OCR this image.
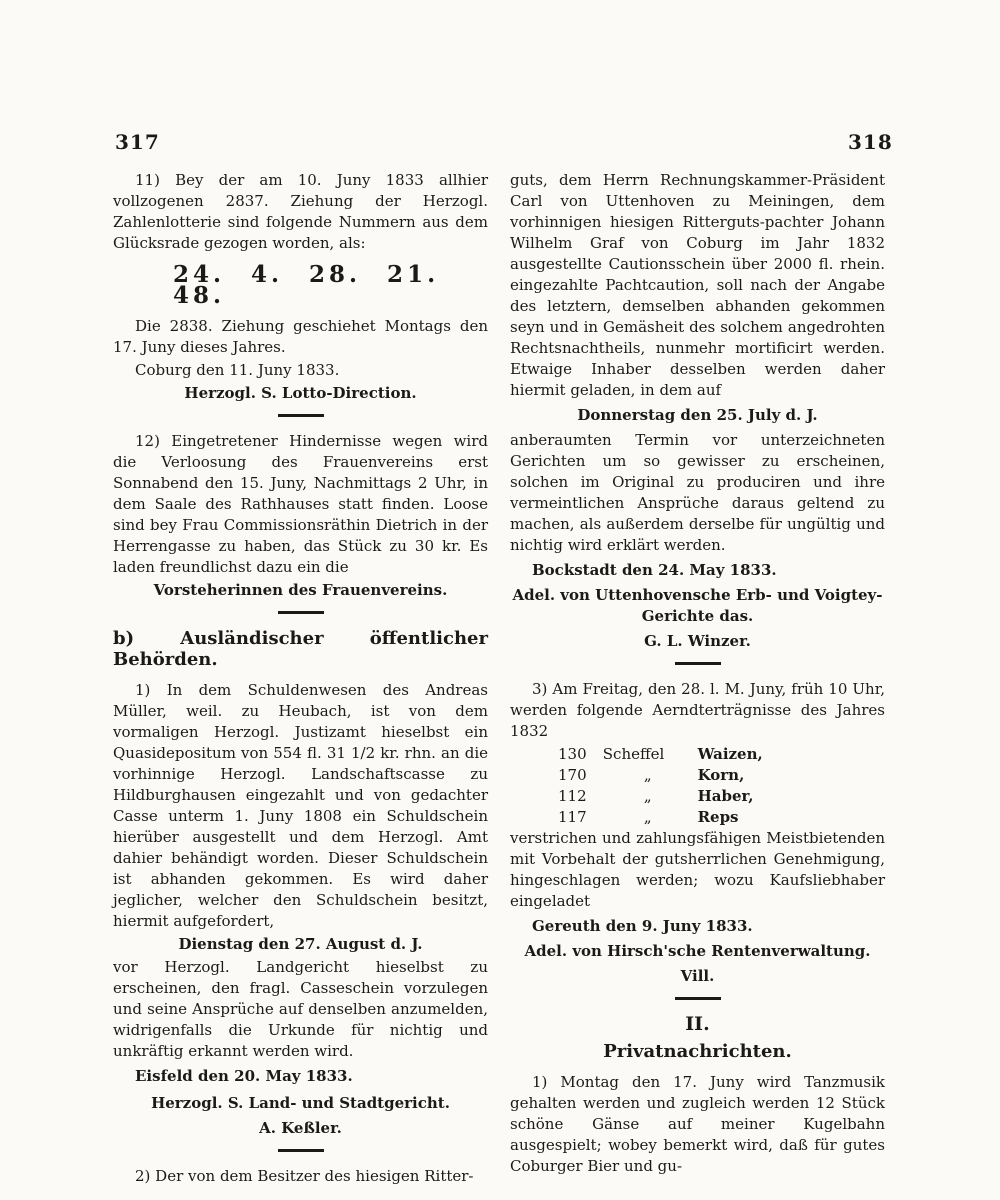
317	318

11) Bey der am 10. Juny 1833 allhier vollzogenen 2837. Ziehung der Herzogl. Zahlenlotterie sind folgende Nummern aus dem Glücksrade gezogen worden, als:

24. 4. 28. 21. 48.

Die 2838. Ziehung geschiehet Montags den 17. Juny dieses Jahres.

Coburg den 11. Juny 1833.

Herzogl. S. Lotto-Direction.

12) Eingetretener Hindernisse wegen wird die Verloosung des Frauenvereins erst Sonnabend den 15. Juny, Nachmittags 2 Uhr, in dem Saale des Rathhauses statt finden. Loose sind bey Frau Commissionsräthin Dietrich in der Herrengasse zu haben, das Stück zu 30 kr. Es laden freundlichst dazu ein die

Vorsteherinnen des Frauenvereins.
b) Ausländischer öffentlicher Behörden.

1) In dem Schuldenwesen des Andreas Müller, weil. zu Heubach, ist von dem vormaligen Herzogl. Justizamt hieselbst ein Quasidepositum von 554 fl. 31 1/2 kr. rhn. an die vorhinnige Herzogl. Landschaftscasse zu Hildburghausen eingezahlt und von gedachter Casse unterm 1. Juny 1808 ein Schuldschein hierüber ausgestellt und dem Herzogl. Amt dahier behändigt worden. Dieser Schuldschein ist abhanden gekommen. Es wird daher jeglicher, welcher den Schuldschein besitzt, hiermit aufgefordert,

Dienstag den 27. August d. J.

vor Herzogl. Landgericht hieselbst zu erscheinen, den fragl. Casseschein vorzulegen und seine Ansprüche auf denselben anzumelden, widrigenfalls die Urkunde für nichtig und unkräftig erkannt werden wird.

Eisfeld den 20. May 1833.

Herzogl. S. Land- und Stadtgericht.
A. Keßler.

2) Der von dem Besitzer des hiesigen Ritter-

guts, dem Herrn Rechnungskammer-Präsident Carl von Uttenhoven zu Meiningen, dem vorhinnigen hiesigen Ritterguts-pachter Johann Wilhelm Graf von Coburg im Jahr 1832 ausgestellte Cautionsschein über 2000 fl. rhein. eingezahlte Pachtcaution, soll nach der Angabe des letztern, demselben abhanden gekommen seyn und in Gemäsheit des solchem angedrohten Rechtsnachtheils, nunmehr mortificirt werden. Etwaige Inhaber desselben werden daher hiermit geladen, in dem auf

Donnerstag den 25. July d. J.

anberaumten Termin vor unterzeichneten Gerichten um so gewisser zu erscheinen, solchen im Original zu produciren und ihre vermeintlichen Ansprüche daraus geltend zu machen, als außerdem derselbe für ungültig und nichtig wird erklärt werden.

Bockstadt den 24. May 1833.

Adel. von Uttenhovensche Erb- und Voigtey-Gerichte das.
G. L. Winzer.

3) Am Freitag, den 28. l. M. Juny, früh 10 Uhr, werden folgende Aerndterträgnisse des Jahres 1832

130 Scheffel Waizen,
170	„	Korn,
112	„	Haber,
117	„	Reps

verstrichen und zahlungsfähigen Meistbietenden mit Vorbehalt der gutsherrlichen Genehmigung, hingeschlagen werden; wozu Kaufsliebhaber eingeladet

Gereuth den 9. Juny 1833.

Adel. von Hirsch'sche Rentenverwaltung.
Vill.
II.
Privatnachrichten.

1) Montag den 17. Juny wird Tanzmusik gehalten werden und zugleich werden 12 Stück schöne Gänse auf meiner Kugelbahn ausgespielt; wobey bemerkt wird, daß für gutes Coburger Bier und gu-
